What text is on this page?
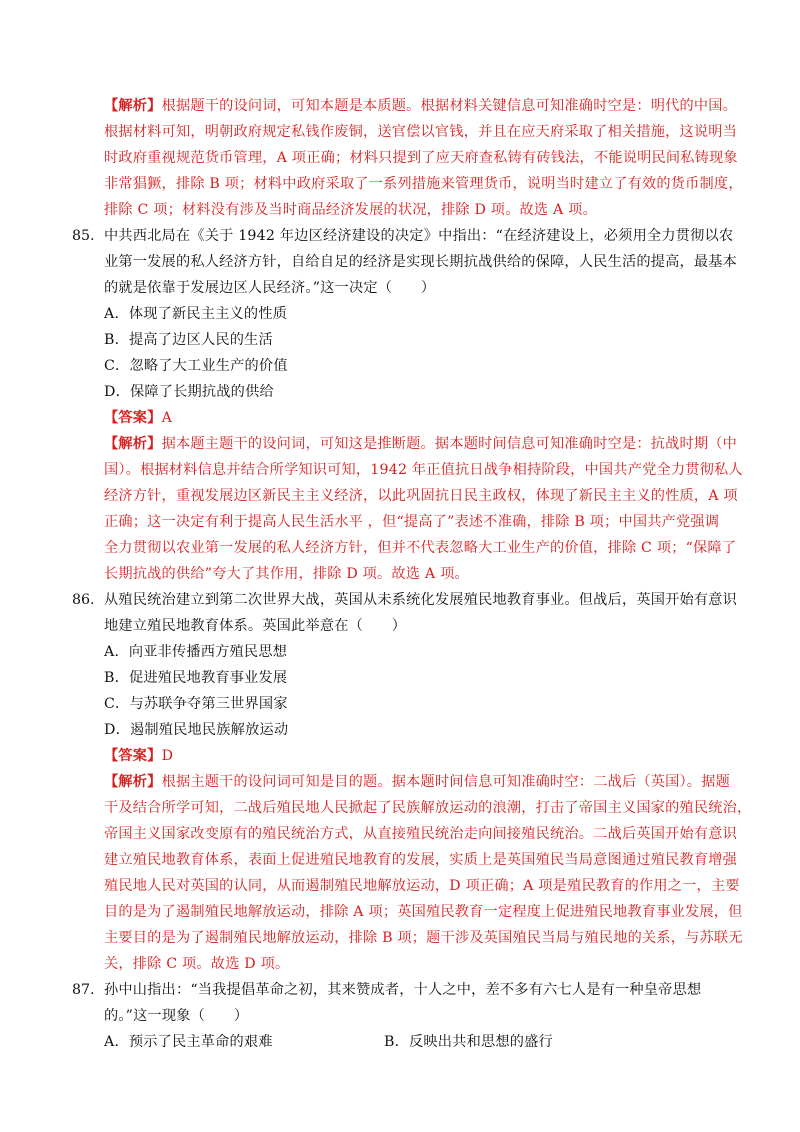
【解析】根据题干的设问词，可知本题是本质题。根据材料关键信息可知准确时空是：明代的中国。
根据材料可知，明朝政府规定私钱作废铜，送官偿以官钱，并且在应天府采取了相关措施，这说明当
时政府重视规范货币管理，A 项正确；材料只提到了应天府查私铸有砖钱法，不能说明民间私铸现象
非常猖獗，排除 B 项；材料中政府采取了一系列措施来管理货币，说明当时建立了有效的货币制度，
排除 C 项；材料没有涉及当时商品经济发展的状况，排除 D 项。故选 A 项。
85. 中共西北局在《关于 1942 年边区经济建设的决定》中指出：“在经济建设上，必须用全力贯彻以农
业第一发展的私人经济方针，自给自足的经济是实现长期抗战供给的保障，人民生活的提高，最基本
的就是依靠于发展边区人民经济。”这一决定（　　）
A．体现了新民主主义的性质
B．提高了边区人民的生活
C．忽略了大工业生产的价值
D．保障了长期抗战的供给
【答案】A
【解析】据本题主题干的设问词，可知这是推断题。据本题时间信息可知准确时空是：抗战时期（中
国）。根据材料信息并结合所学知识可知，1942 年正值抗日战争相持阶段，中国共产党全力贯彻私人
经济方针，重视发展边区新民主主义经济，以此巩固抗日民主政权，体现了新民主主义的性质，A 项
正确；这一决定有利于提高人民生活水平 ，但“提高了”表述不准确，排除 B 项；中国共产党强调
全力贯彻以农业第一发展的私人经济方针，但并不代表忽略大工业生产的价值，排除 C 项；“保障了
长期抗战的供给”夸大了其作用，排除 D 项。故选 A 项。
86. 从殖民统治建立到第二次世界大战，英国从未系统化发展殖民地教育事业。但战后，英国开始有意识
地建立殖民地教育体系。英国此举意在（　　）
A．向亚非传播西方殖民思想
B．促进殖民地教育事业发展
C．与苏联争夺第三世界国家
D．遏制殖民地民族解放运动
【答案】D
【解析】根据主题干的设问词可知是目的题。据本题时间信息可知准确时空：二战后（英国）。据题
干及结合所学可知，二战后殖民地人民掀起了民族解放运动的浪潮，打击了帝国主义国家的殖民统治，
帝国主义国家改变原有的殖民统治方式，从直接殖民统治走向间接殖民统治。二战后英国开始有意识
建立殖民地教育体系，表面上促进殖民地教育的发展，实质上是英国殖民当局意图通过殖民教育增强
殖民地人民对英国的认同，从而遏制殖民地解放运动，D 项正确；A 项是殖民教育的作用之一，主要
目的是为了遏制殖民地解放运动，排除 A 项；英国殖民教育一定程度上促进殖民地教育事业发展，但
主要目的是为了遏制殖民地解放运动，排除 B 项；题干涉及英国殖民当局与殖民地的关系，与苏联无
关，排除 C 项。故选 D 项。
87. 孙中山指出：“当我提倡革命之初，其来赞成者，十人之中，差不多有六七人是有一种皇帝思想
的。”这一现象（　　）
A．预示了民主革命的艰难	B．反映出共和思想的盛行
